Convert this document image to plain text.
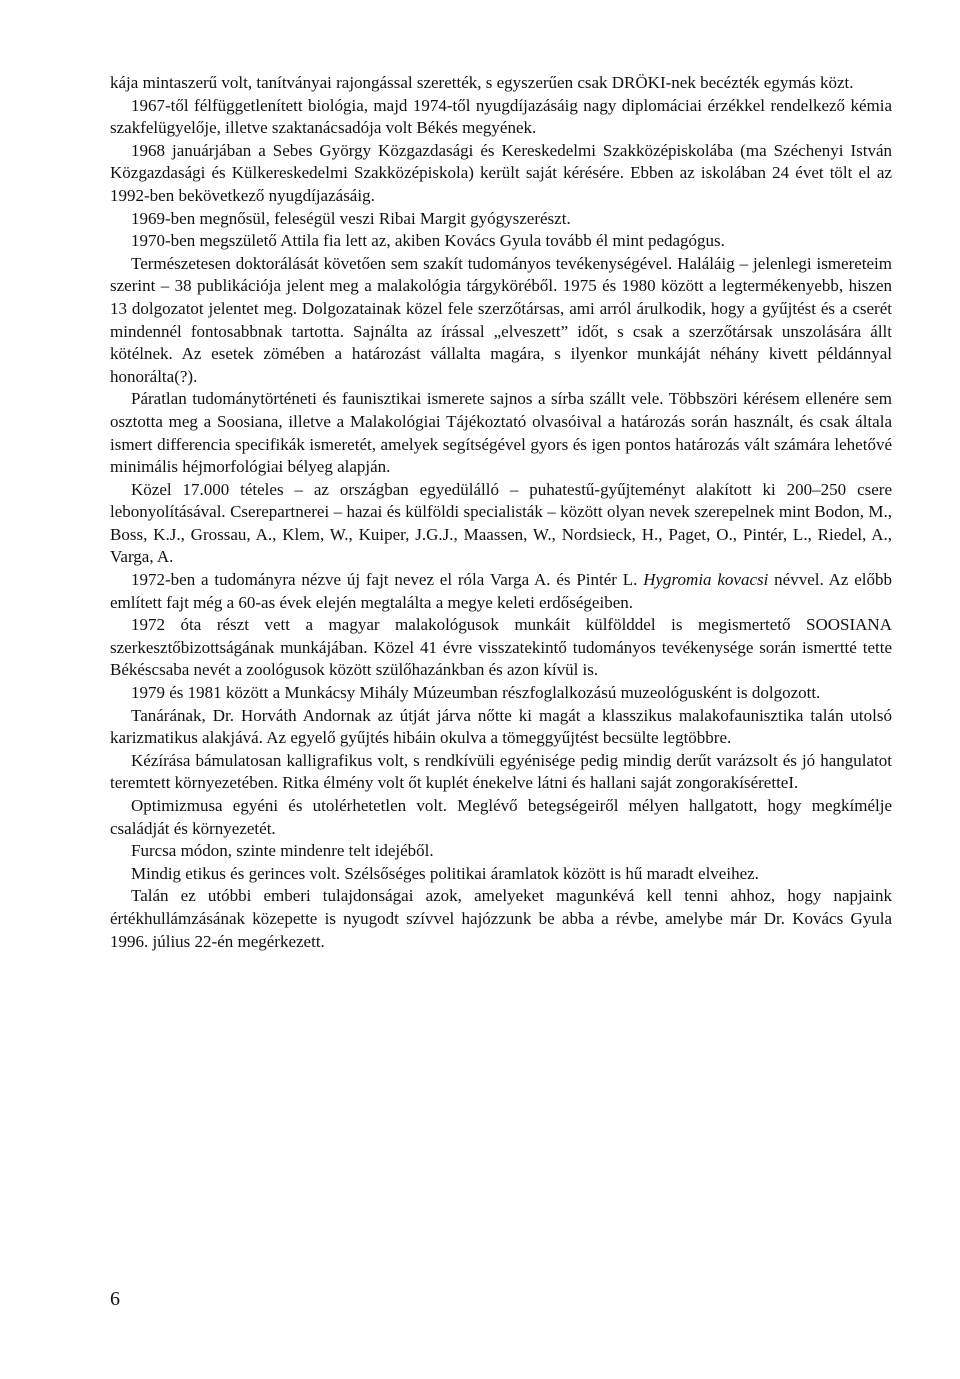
kája mintaszerű volt, tanítványai rajongással szerették, s egyszerűen csak DRÖKI-nek becézték egymás közt.

1967-től félfüggetlenített biológia, majd 1974-től nyugdíjazásáig nagy diplomáciai érzékkel rendelkező kémia szakfelügyelője, illetve szaktanácsadója volt Békés megyének.

1968 januárjában a Sebes György Közgazdasági és Kereskedelmi Szakközépiskolába (ma Széchenyi István Közgazdasági és Külkereskedelmi Szakközépiskola) került saját kérésére. Ebben az iskolában 24 évet tölt el az 1992-ben bekövetkező nyugdíjazásáig.

1969-ben megnősül, feleségül veszi Ribai Margit gyógyszerészt.

1970-ben megszülető Attila fia lett az, akiben Kovács Gyula tovább él mint pedagógus.

Természetesen doktorálását követően sem szakít tudományos tevékenységével. Haláláig – jelenlegi ismereteim szerint – 38 publikációja jelent meg a malakológia tárgyköréből. 1975 és 1980 között a legtermékenyebb, hiszen 13 dolgozatot jelentet meg. Dolgozatainak közel fele szerzőtársas, ami arról árulkodik, hogy a gyűjtést és a cserét mindennél fontosabbnak tartotta. Sajnálta az írással „elveszett” időt, s csak a szerzőtársak unszolására állt kötélnek. Az esetek zömében a határozást vállalta magára, s ilyenkor munkáját néhány kivett példánnyal honorálta(?).

Páratlan tudománytörténeti és faunisztikai ismerete sajnos a sírba szállt vele. Többszöri kérésem ellenére sem osztotta meg a Soosiana, illetve a Malakológiai Tájékoztató olvasóival a határozás során használt, és csak általa ismert differencia specifikák ismeretét, amelyek segítségével gyors és igen pontos határozás vált számára lehetővé minimális héjmorfológiai bélyeg alapján.

Közel 17.000 tételes – az országban egyedülálló – puhatestű-gyűjteményt alakított ki 200–250 csere lebonyolításával. Cserepartnerei – hazai és külföldi specialisták – között olyan nevek szerepelnek mint Bodon, M., Boss, K.J., Grossau, A., Klem, W., Kuiper, J.G.J., Maassen, W., Nordsieck, H., Paget, O., Pintér, L., Riedel, A., Varga, A.

1972-ben a tudományra nézve új fajt nevez el róla Varga A. és Pintér L. Hygromia kovacsi névvel. Az előbb említett fajt még a 60-as évek elején megtalálta a megye keleti erdőségeiben.

1972 óta részt vett a magyar malakológusok munkáit külfölddel is megismertető SOOSIANA szerkesztőbizottságának munkájában. Közel 41 évre visszatekintő tudományos tevékenysége során ismertté tette Békéscsaba nevét a zoológusok között szülőhazánkban és azon kívül is.

1979 és 1981 között a Munkácsy Mihály Múzeumban részfoglalkozású muzeológusként is dolgozott.

Tanárának, Dr. Horváth Andornak az útját járva nőtte ki magát a klasszikus malakofaunisztika talán utolsó karizmatikus alakjává. Az egyelő gyűjtés hibáin okulva a tömeggyűjtést becsülte legtöbbre.

Kézírása bámulatosan kalligrafikus volt, s rendkívüli egyénisége pedig mindig derűt varázsolt és jó hangulatot teremtett környezetében. Ritka élmény volt őt kuplét énekelve látni és hallani saját zongorakíséretteI.

Optimizmusa egyéni és utolérhetetlen volt. Meglévő betegségeiről mélyen hallgatott, hogy megkímélje családját és környezetét.

Furcsa módon, szinte mindenre telt idejéből.

Mindig etikus és gerinces volt. Szélsőséges politikai áramlatok között is hű maradt elveihez.

Talán ez utóbbi emberi tulajdonságai azok, amelyeket magunkévá kell tenni ahhoz, hogy napjaink értékhullámzásának közepette is nyugodt szívvel hajózzunk be abba a révbe, amelybe már Dr. Kovács Gyula 1996. július 22-én megérkezett.

6
